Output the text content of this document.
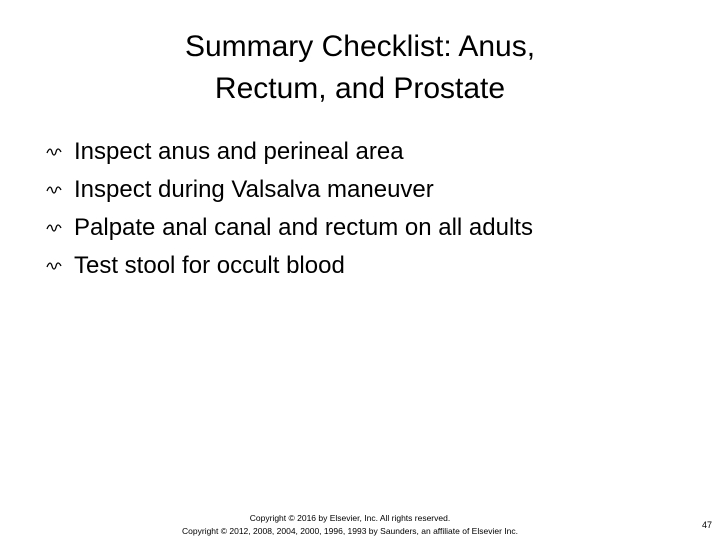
Summary Checklist: Anus,
Rectum, and Prostate
Inspect anus and perineal area
Inspect during Valsalva maneuver
Palpate anal canal and rectum on all adults
Test stool for occult blood
Copyright © 2016 by Elsevier, Inc. All rights reserved.
Copyright © 2012, 2008, 2004, 2000, 1996, 1993 by Saunders, an affiliate of Elsevier Inc.
47
